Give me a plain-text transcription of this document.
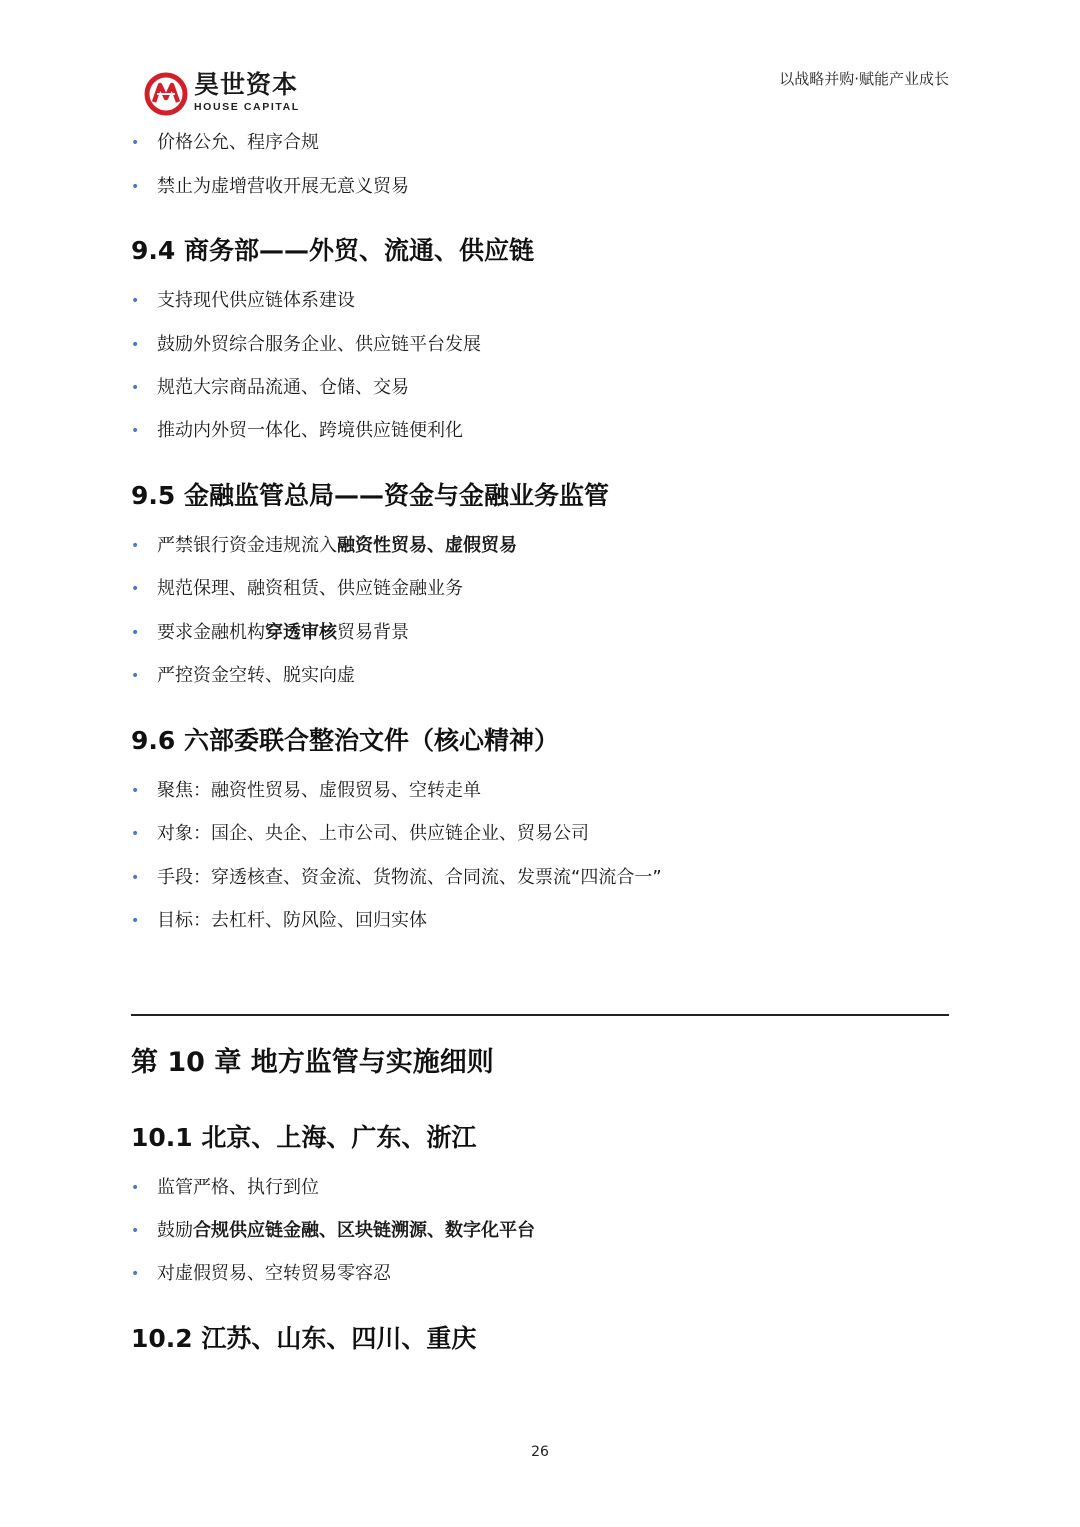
昊世资本
HOUSE CAPITAL
以战略并购·赋能产业成长
• 价格公允、程序合规
• 禁止为虚增营收开展无意义贸易
9.4 商务部——外贸、流通、供应链
• 支持现代供应链体系建设
• 鼓励外贸综合服务企业、供应链平台发展
• 规范大宗商品流通、仓储、交易
• 推动内外贸一体化、跨境供应链便利化
9.5 金融监管总局——资金与金融业务监管
• 严禁银行资金违规流入融资性贸易、虚假贸易
• 规范保理、融资租赁、供应链金融业务
• 要求金融机构穿透审核贸易背景
• 严控资金空转、脱实向虚
9.6 六部委联合整治文件（核心精神）
• 聚焦：融资性贸易、虚假贸易、空转走单
• 对象：国企、央企、上市公司、供应链企业、贸易公司
• 手段：穿透核查、资金流、货物流、合同流、发票流“四流合一”
• 目标：去杠杆、防风险、回归实体
第 10 章 地方监管与实施细则
10.1 北京、上海、广东、浙江
• 监管严格、执行到位
• 鼓励合规供应链金融、区块链溯源、数字化平台
• 对虚假贸易、空转贸易零容忍
10.2 江苏、山东、四川、重庆
26
